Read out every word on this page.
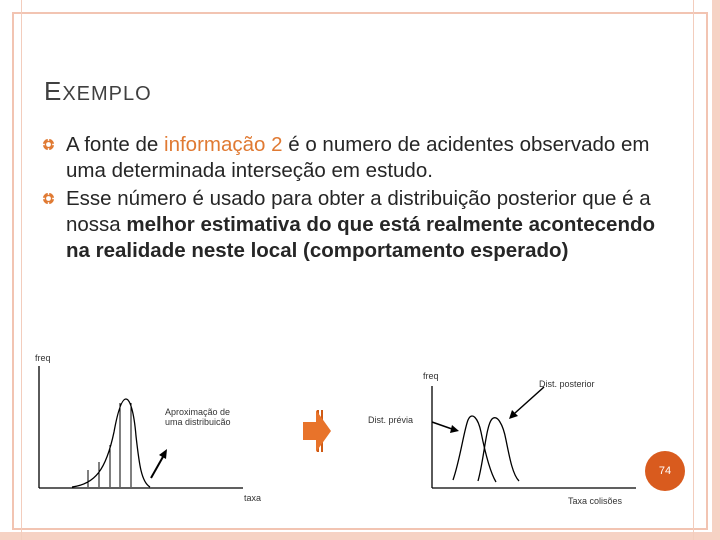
EXEMPLO
A fonte de informação 2 é o numero de acidentes observado em uma determinada interseção em estudo.
Esse número é usado para obter a distribuição posterior que é a nossa melhor estimativa do que está realmente acontecendo na realidade neste local (comportamento esperado)
freq
taxa
Aproximação de uma distribuicão
freq
Taxa colisões
Dist. prévia
Dist. posterior
74
